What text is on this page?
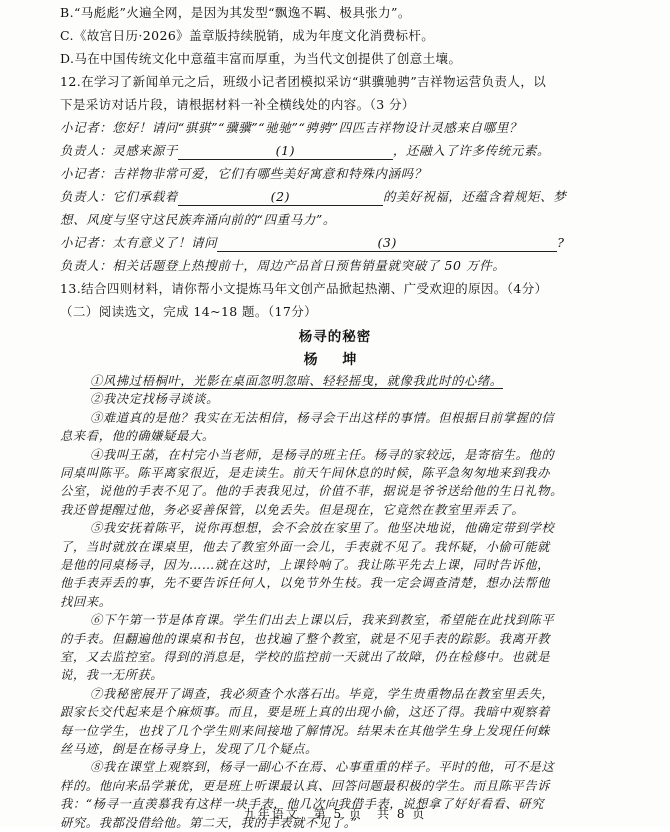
B.“马彪彪”火遍全网，是因为其发型“飘逸不羁、极具张力”。
C.《故宫日历·2026》盖章版持续脱销，成为年度文化消费标杆。
D.马在中国传统文化中意蕴丰富而厚重，为当代文创提供了创意土壤。
12.在学习了新闻单元之后，班级小记者团模拟采访“骐骥驰骋”吉祥物运营负责人，以
下是采访对话片段，请根据材料一补全横线处的内容。（3 分）
小记者：您好！请问“骐骐”“骥骥”“驰驰”“骋骋”四匹吉祥物设计灵感来自哪里？
负责人：灵感来源于	(1)	，还融入了许多传统元素。
小记者：吉祥物非常可爱，它们有哪些美好寓意和特殊内涵吗？
负责人：它们承载着	(2)	的美好祝福，还蕴含着规矩、梦
想、风度与坚守这民族奔涌向前的“四重马力”。
小记者：太有意义了！请问	(3)	?
负责人：相关话题登上热搜前十，周边产品首日预售销量就突破了 50 万件。
13.结合四则材料，请你帮小文提炼马年文创产品掀起热潮、广受欢迎的原因。（4分）
（二）阅读选文，完成 14~18 题。（17分）
杨寻的秘密
杨 坤
九年语文　第 5 页　共 8 页
①风拂过梧桐叶，光影在桌面忽明忽暗、轻轻摇曳，就像我此时的心绪。
②我决定找杨寻谈谈。
③难道真的是他？我实在无法相信，杨寻会干出这样的事情。但根据目前掌握的信
息来看，他的确嫌疑最大。
④我叫王菡，在村完小当老师，是杨寻的班主任。杨寻的家较远，是寄宿生。他的
同桌叫陈平。陈平离家很近，是走读生。前天午间休息的时候，陈平急匆匆地来到我办
公室，说他的手表不见了。他的手表我见过，价值不菲，据说是爷爷送给他的生日礼物。
我还曾提醒过他，务必妥善保管，以免丢失。但是现在，它竟然在教室里弄丢了。
⑤我安抚着陈平，说你再想想，会不会放在家里了。他坚决地说，他确定带到学校
了，当时就放在课桌里，他去了教室外面一会儿，手表就不见了。我怀疑，小偷可能就
是他的同桌杨寻，因为……就在这时，上课铃响了。我让陈平先去上课，同时告诉他，
他手表弄丢的事，先不要告诉任何人，以免节外生枝。我一定会调查清楚，想办法帮他
找回来。
⑥下午第一节是体育课。学生们出去上课以后，我来到教室，希望能在此找到陈平
的手表。但翻遍他的课桌和书包，也找遍了整个教室，就是不见手表的踪影。我离开教
室，又去监控室。得到的消息是，学校的监控前一天就出了故障，仍在检修中。也就是
说，我一无所获。
⑦我秘密展开了调查，我必须查个水落石出。毕竟，学生贵重物品在教室里丢失，
跟家长交代起来是个麻烦事。而且，要是班上真的出现小偷，这还了得。我暗中观察着
每一位学生，也找了几个学生则来间接地了解情况。结果未在其他学生身上发现任何蛛
丝马迹，倒是在杨寻身上，发现了几个疑点。
⑧我在课堂上观察到，杨寻一副心不在焉、心事重重的样子。平时的他，可不是这
样的。他向来品学兼优，更是班上听课最认真、回答问题最积极的学生。而且陈平告诉
我：“杨寻一直羡慕我有这样一块手表，他几次向我借手表，说想拿了好好看看、研究
研究。我都没借给他。第二天，我的手表就不见了。”
